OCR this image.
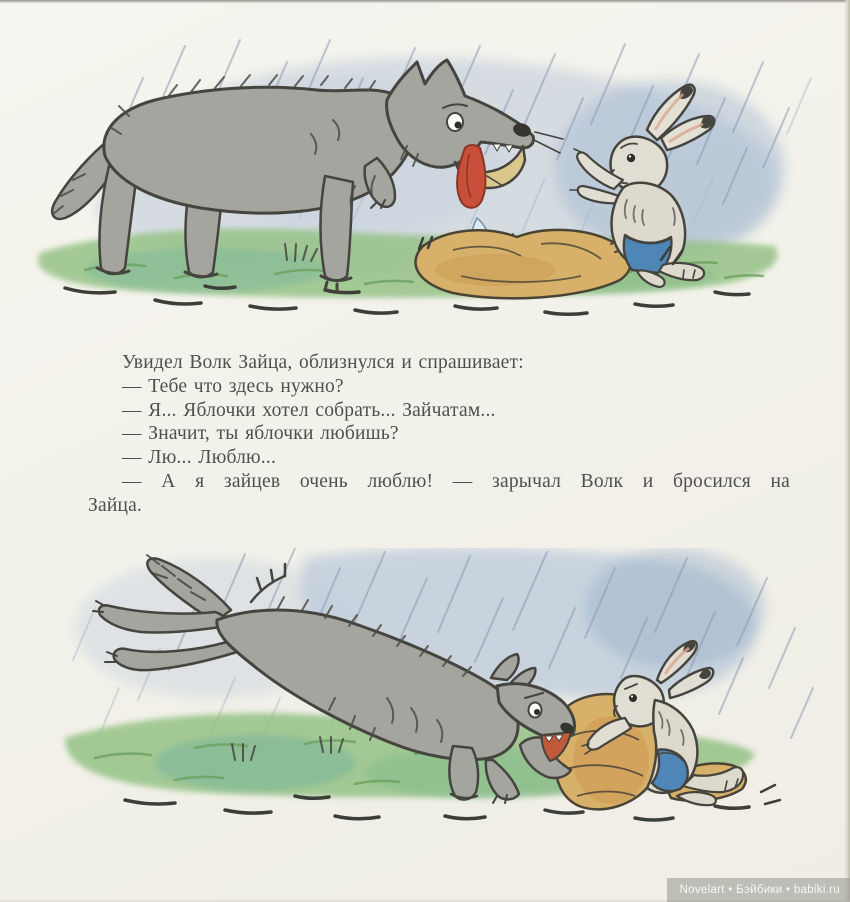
Увидел Волк Зайца, облизнулся и спрашивает:
— Тебе что здесь нужно?
— Я... Яблочки хотел собрать... Зайчатам...
— Значит, ты яблочки любишь?
— Лю... Люблю...
— А я зайцев очень люблю! — зарычал Волк и бросился на
Зайца.
Novelart • Бэйбики • babiki.ru
